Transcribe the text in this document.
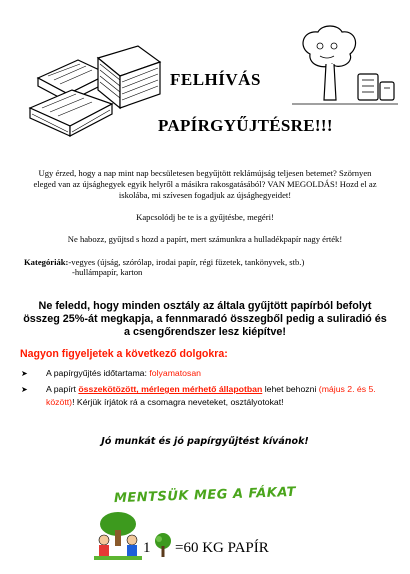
FELHÍVÁS
PAPÍRGYŰJTÉSRE!!!

Ugy érzed, hogy a nap mint nap becsületesen begyűjtött reklámújság teljesen betemet? Szörnyen eleged van az újsághegyek egyik helyről a másikra rakosgatásából? VAN MEGOLDÁS! Hozd el az iskolába, mi szívesen fogadjuk az újsághegyeidet!

Kapcsolódj be te is a gyűjtésbe, megéri!

Ne habozz, gyűjtsd s hozd a papírt, mert számunkra a hulladékpapír nagy érték!

Kategóriák:-vegyes (újság, szórólap, irodai papír, régi füzetek, tankönyvek, stb.)
-hullámpapír, karton
Ne feledd, hogy minden osztály az általa gyűjtött papírból befolyt összeg 25%-át megkapja, a fennmaradó összegből pedig a suliradió és a csengőrendszer lesz kiépítve!
Nagyon figyeljetek a következő dolgokra:
➤ A papírgyűjtés időtartama: folyamatosan
➤ A papírt összekötözött, mérlegen mérhető állapotban lehet behozni (május 2. és 5. között)! Kérjük írjátok rá a csomagra neveteket, osztályotokat!
Jó munkát és jó papírgyűjtést kívánok!
MENTSÜK MEG A FÁKAT
1 =60 KG PAPÍR
